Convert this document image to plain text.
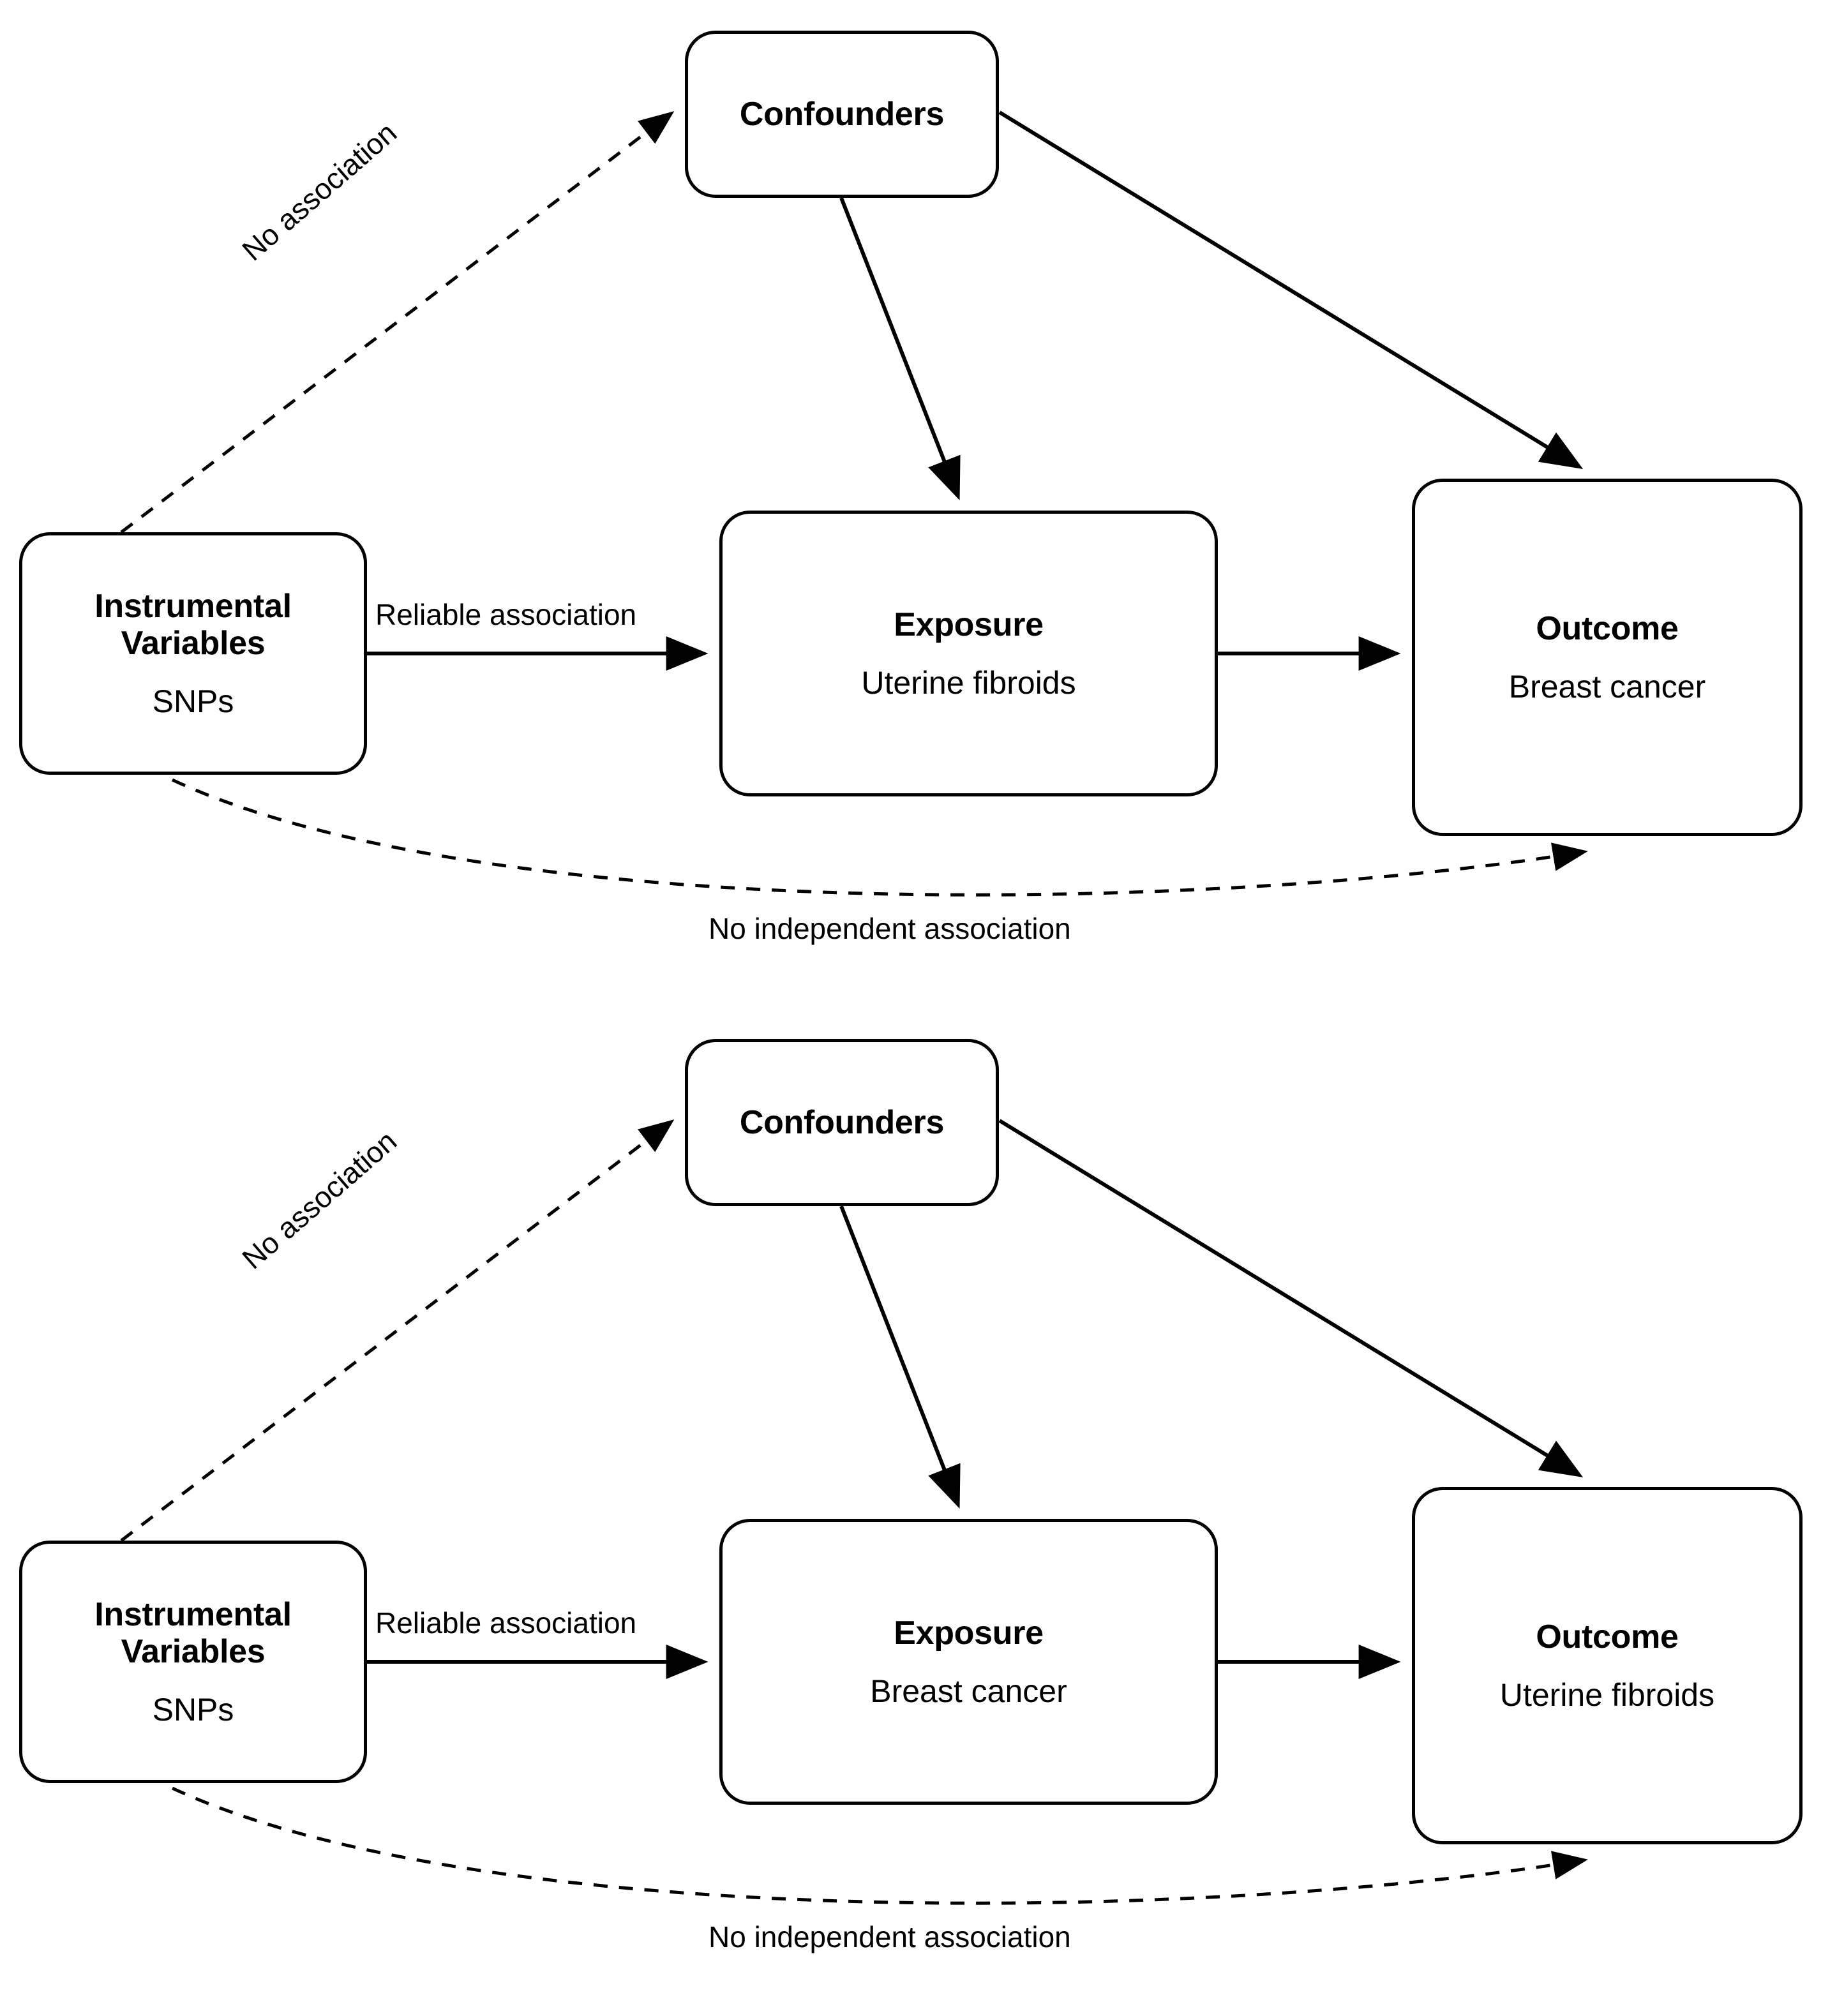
Confounders
Instrumental
Variables
SNPs
Exposure
Uterine fibroids
Outcome
Breast cancer
No association
Reliable association
No independent association
Confounders
Instrumental
Variables
SNPs
Exposure
Breast cancer
Outcome
Uterine fibroids
No association
Reliable association
No independent association
